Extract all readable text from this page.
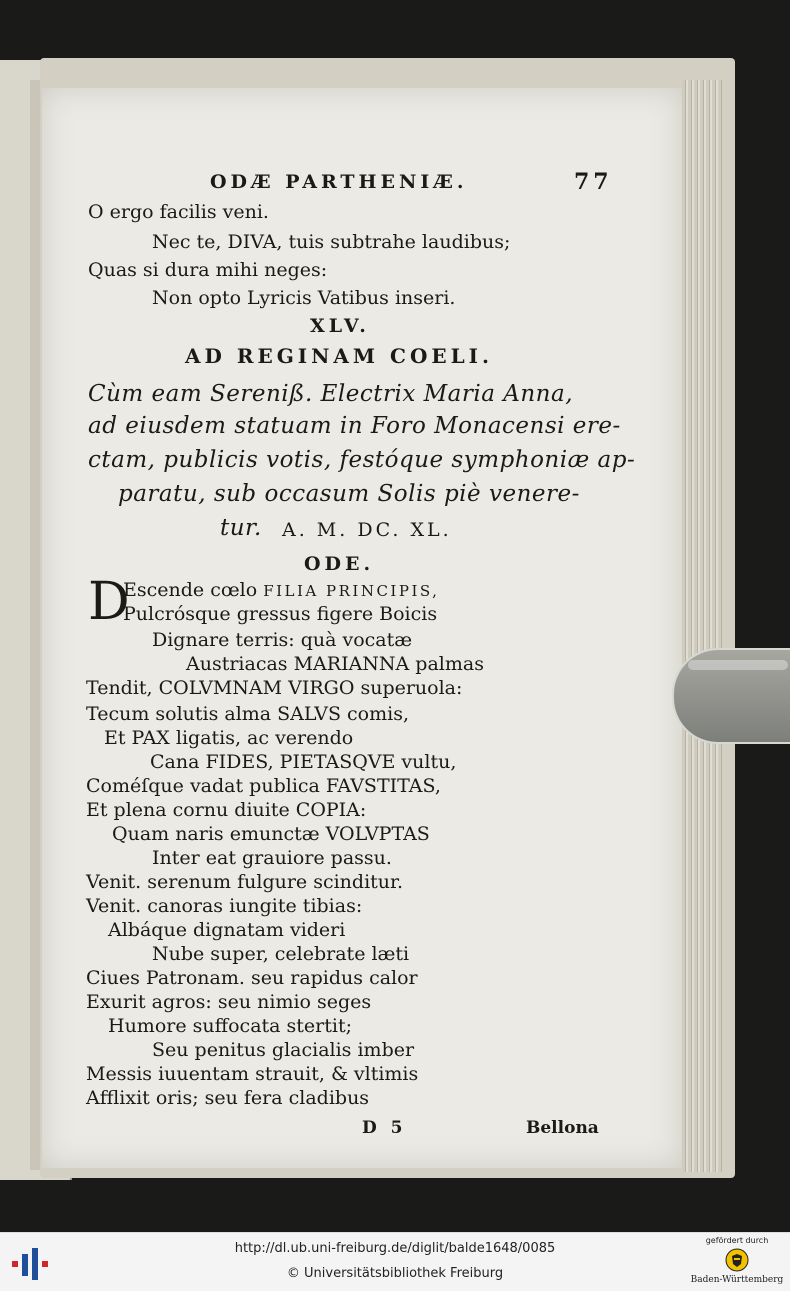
ODÆ PARTHENIÆ.	77
O ergo facilis veni.
Nec te, DIVA, tuis subtrahe laudibus;
Quas si dura mihi neges:
Non opto Lyricis Vatibus inseri.
XLV.
AD REGINAM COELI.
Cùm eam Sereniß. Electrix Maria Anna,
ad eiusdem statuam in Foro Monacensi ere-
ctam, publicis votis, festóque symphoniæ ap-
paratu, sub occasum Solis piè venere-
tur. A. M. DC. XL.
ODE.
D
Escende cœlo FILIA PRINCIPIS,
Pulcrósque gressus figere Boicis
Dignare terris: quà vocatæ
Austriacas MARIANNA palmas
Tendit, COLVMNAM VIRGO superuola:
Tecum solutis alma SALVS comis,
Et PAX ligatis, ac verendo
Cana FIDES, PIETASQVE vultu,
Coméſque vadat publica FAVSTITAS,
Et plena cornu diuite COPIA:
Quam naris emunctæ VOLVPTAS
Inter eat grauiore passu.
Venit. serenum fulgure scinditur.
Venit. canoras iungite tibias:
Albáque dignatam videri
Nube super, celebrate læti
Ciues Patronam. seu rapidus calor
Exurit agros: seu nimio seges
Humore suffocata stertit;
Seu penitus glacialis imber
Messis iuuentam strauit, & vltimis
Afflixit oris; seu fera cladibus
D 5	Bellona
http://dl.ub.uni-freiburg.de/diglit/balde1648/0085
© Universitätsbibliothek Freiburg
gefördert durch
Baden-Württemberg
